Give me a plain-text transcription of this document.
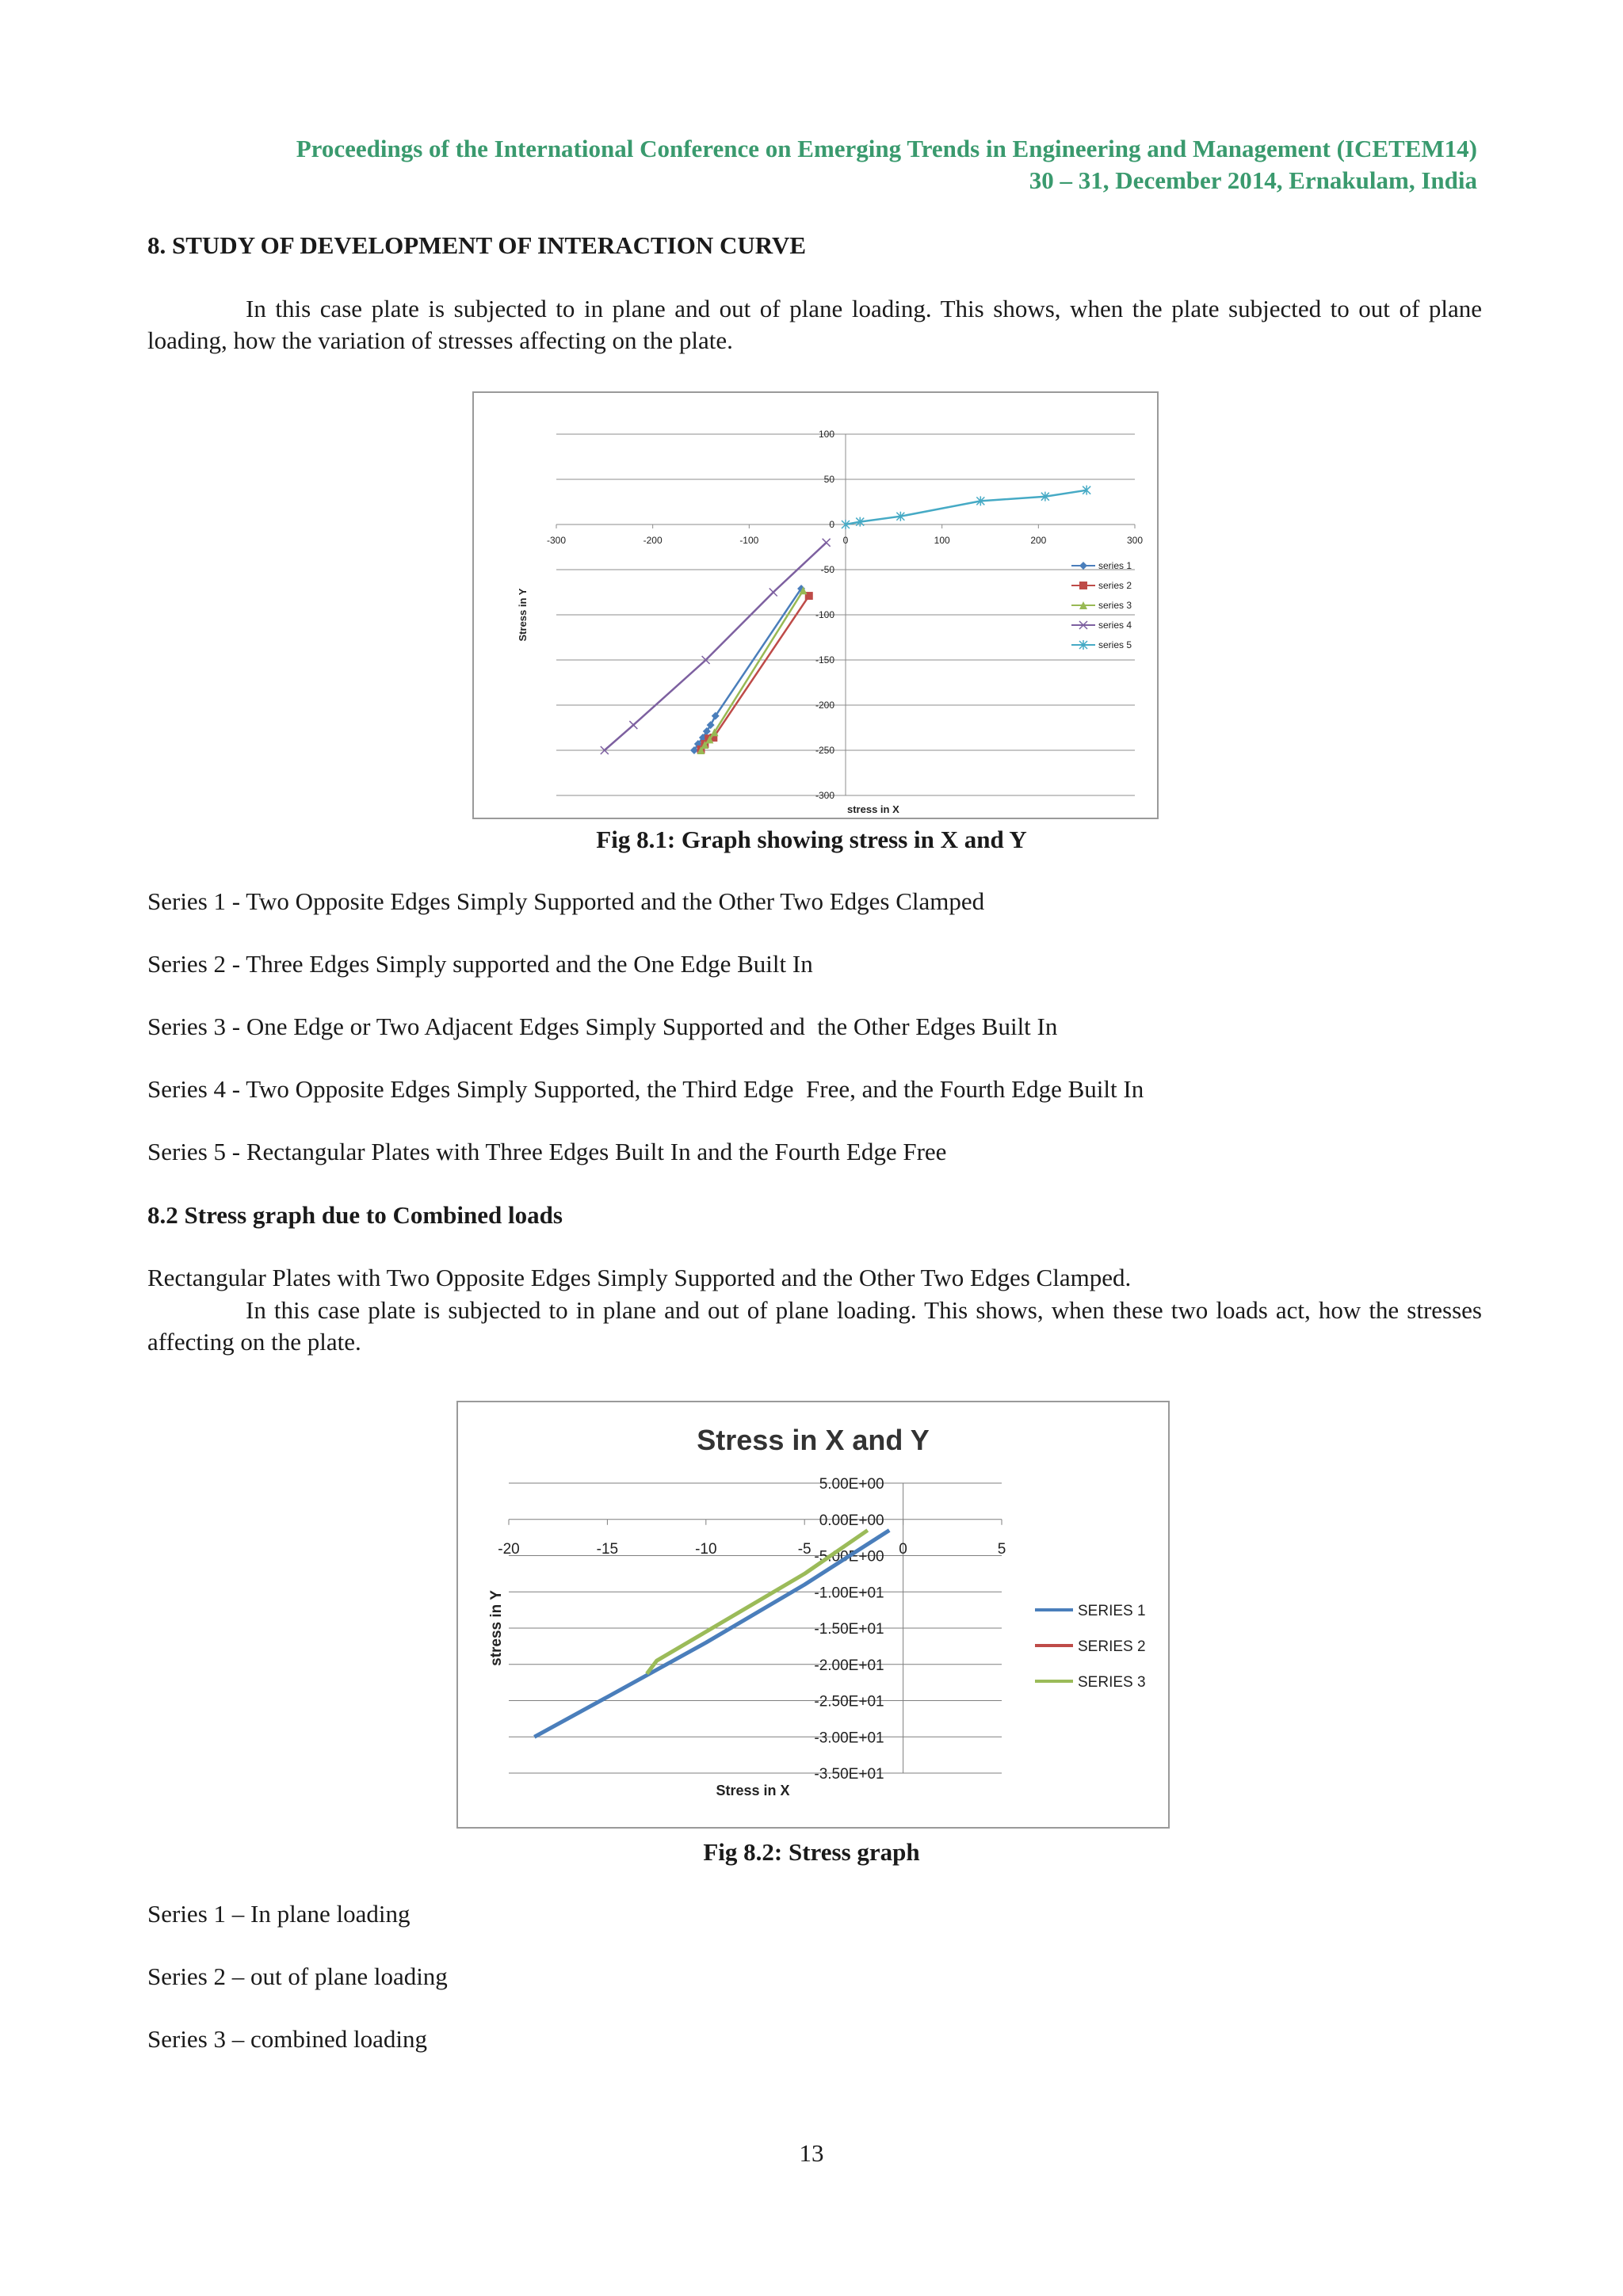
Proceedings of the International Conference on Emerging Trends in Engineering and Management (ICETEM14)
30 – 31, December 2014, Ernakulam, India
8. STUDY OF DEVELOPMENT OF INTERACTION CURVE
In this case plate is subjected to in plane and out of plane loading. This shows, when the plate subjected to out of plane loading, how the variation of stresses affecting on the plate.
100
50
0
-50
-100
-150
-200
-250
-300
-300	-200	-100	0	100	200	300
stress in X
Stress in Y
series 1
series 2
series 3
series 4
series 5
Fig 8.1: Graph showing stress in X and Y
Series 1 - Two Opposite Edges Simply Supported and the Other Two Edges Clamped
Series 2 - Three Edges Simply supported and the One Edge Built In
Series 3 - One Edge or Two Adjacent Edges Simply Supported and  the Other Edges Built In
Series 4 - Two Opposite Edges Simply Supported, the Third Edge  Free, and the Fourth Edge Built In
Series 5 - Rectangular Plates with Three Edges Built In and the Fourth Edge Free
8.2 Stress graph due to Combined loads
Rectangular Plates with Two Opposite Edges Simply Supported and the Other Two Edges Clamped.
In this case plate is subjected to in plane and out of plane loading. This shows, when these two loads act, how the stresses affecting on the plate.
Stress in X and Y
5.00E+00
0.00E+00
-5.00E+00
-1.00E+01
-1.50E+01
-2.00E+01
-2.50E+01
-3.00E+01
-3.50E+01
-20	-15	-10	-5	0	5
Stress in X
stress in Y	SERIES 1
SERIES 2
SERIES 3
Fig 8.2: Stress graph
Series 1 – In plane loading
Series 2 – out of plane loading
Series 3 – combined loading
13
